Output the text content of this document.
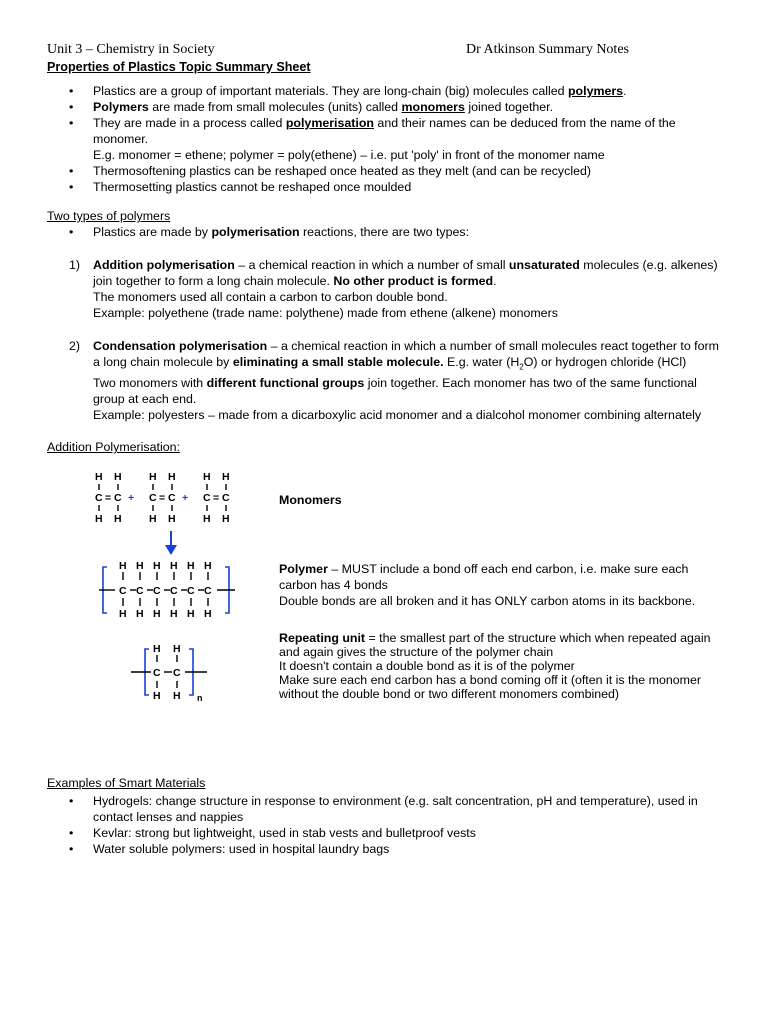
Unit 3 – Chemistry in Society	Dr Atkinson Summary Notes
Properties of Plastics Topic Summary Sheet
• Plastics are a group of important materials. They are long-chain (big) molecules called polymers.
• Polymers are made from small molecules (units) called monomers joined together.
• They are made in a process called polymerisation and their names can be deduced from the name of the monomer.
E.g. monomer = ethene; polymer = poly(ethene) – i.e. put 'poly' in front of the monomer name
• Thermosoftening plastics can be reshaped once heated as they melt (and can be recycled)
• Thermosetting plastics cannot be reshaped once moulded
Two types of polymers
• Plastics are made by polymerisation reactions, there are two types:
1) Addition polymerisation – a chemical reaction in which a number of small unsaturated molecules (e.g. alkenes) join together to form a long chain molecule. No other product is formed.
The monomers used all contain a carbon to carbon double bond.
Example: polyethene (trade name: polythene) made from ethene (alkene) monomers
2) Condensation polymerisation – a chemical reaction in which a number of small molecules react together to form a long chain molecule by eliminating a small stable molecule. E.g. water $(H_2O)$ or hydrogen chloride (HCl)
Two monomers with different functional groups join together. Each monomer has two of the same functional group at each end.
Example: polyesters – made from a dicarboxylic acid monomer and a dialcohol monomer combining alternately
Addition Polymerisation:
H H
C = C
H H
+
H H
C = C
H H
+
H H
C = C
H H
H
C
H
H
C
H
H
C
H
H
C
H
H
C
H
H
C
H
H H
C C
H H n
Monomers
Polymer – MUST include a bond off each end carbon, i.e. make sure each carbon has 4 bonds
Double bonds are all broken and it has ONLY carbon atoms in its backbone.
Repeating unit = the smallest part of the structure which when repeated again and again gives the structure of the polymer chain
It doesn't contain a double bond as it is of the polymer
Make sure each end carbon has a bond coming off it (often it is the monomer without the double bond or two different monomers combined)
Examples of Smart Materials
• Hydrogels: change structure in response to environment (e.g. salt concentration, pH and temperature), used in contact lenses and nappies
• Kevlar: strong but lightweight, used in stab vests and bulletproof vests
• Water soluble polymers: used in hospital laundry bags
